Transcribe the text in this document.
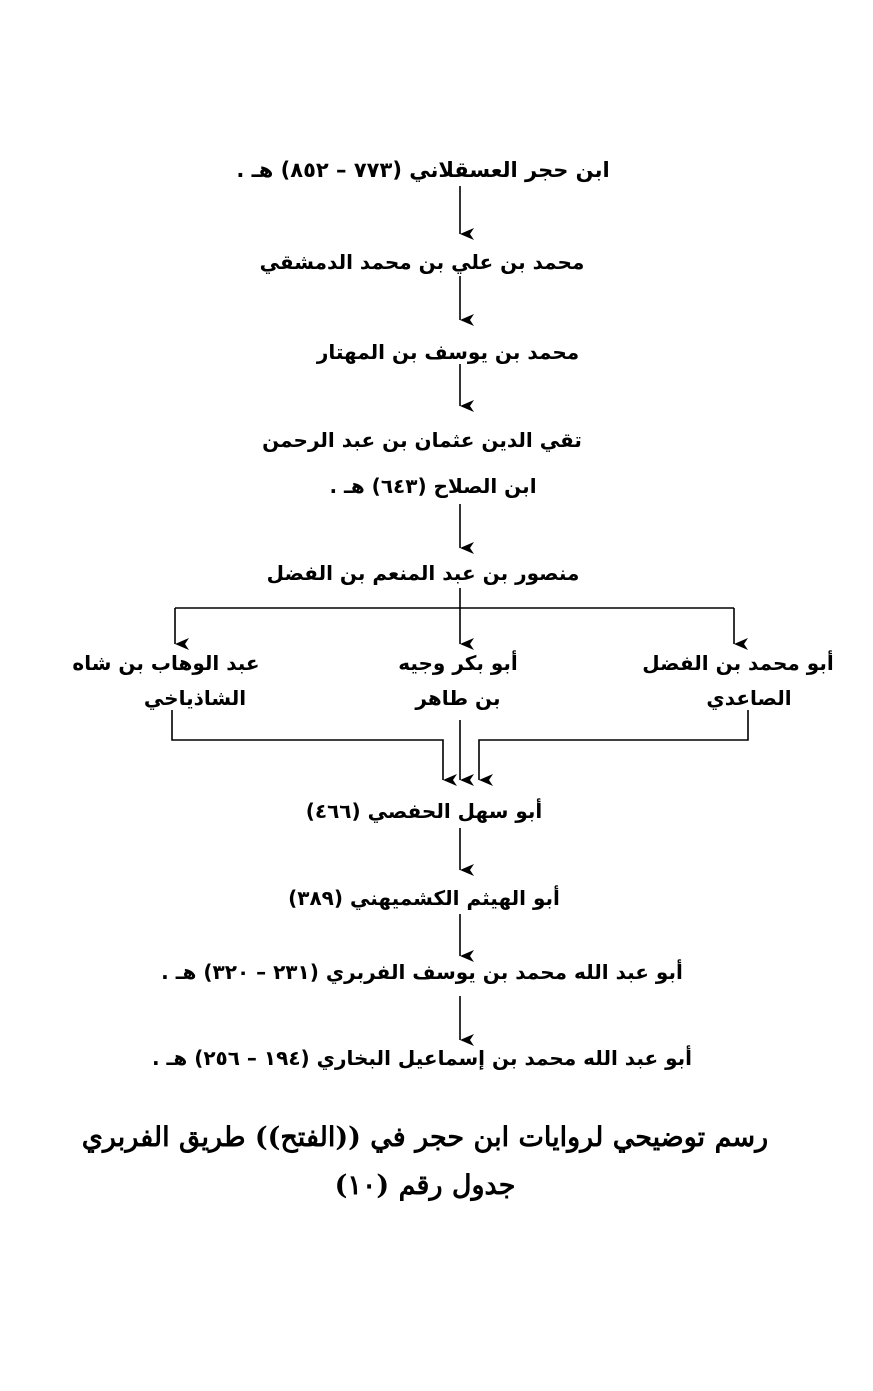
ابن حجر العسقلاني (٧٧٣ – ٨٥٢) هـ .
محمد بن علي بن محمد الدمشقي
محمد بن يوسف بن المهتار
تقي الدين عثمان بن عبد الرحمن
ابن الصلاح (٦٤٣) هـ .
منصور بن عبد المنعم بن الفضل
عبد الوهاب بن شاه
الشاذياخي
أبو بكر وجيه
بن طاهر
أبو محمد بن الفضل
الصاعدي
أبو سهل الحفصي (٤٦٦)
أبو الهيثم الكشميهني (٣٨٩)
أبو عبد الله محمد بن يوسف الفربري (٢٣١ – ٣٢٠) هـ .
أبو عبد الله محمد بن إسماعيل البخاري (١٩٤ – ٢٥٦) هـ .
رسم توضيحي لروايات ابن حجر في ((الفتح)) طريق الفربري
جدول رقم (١٠)
